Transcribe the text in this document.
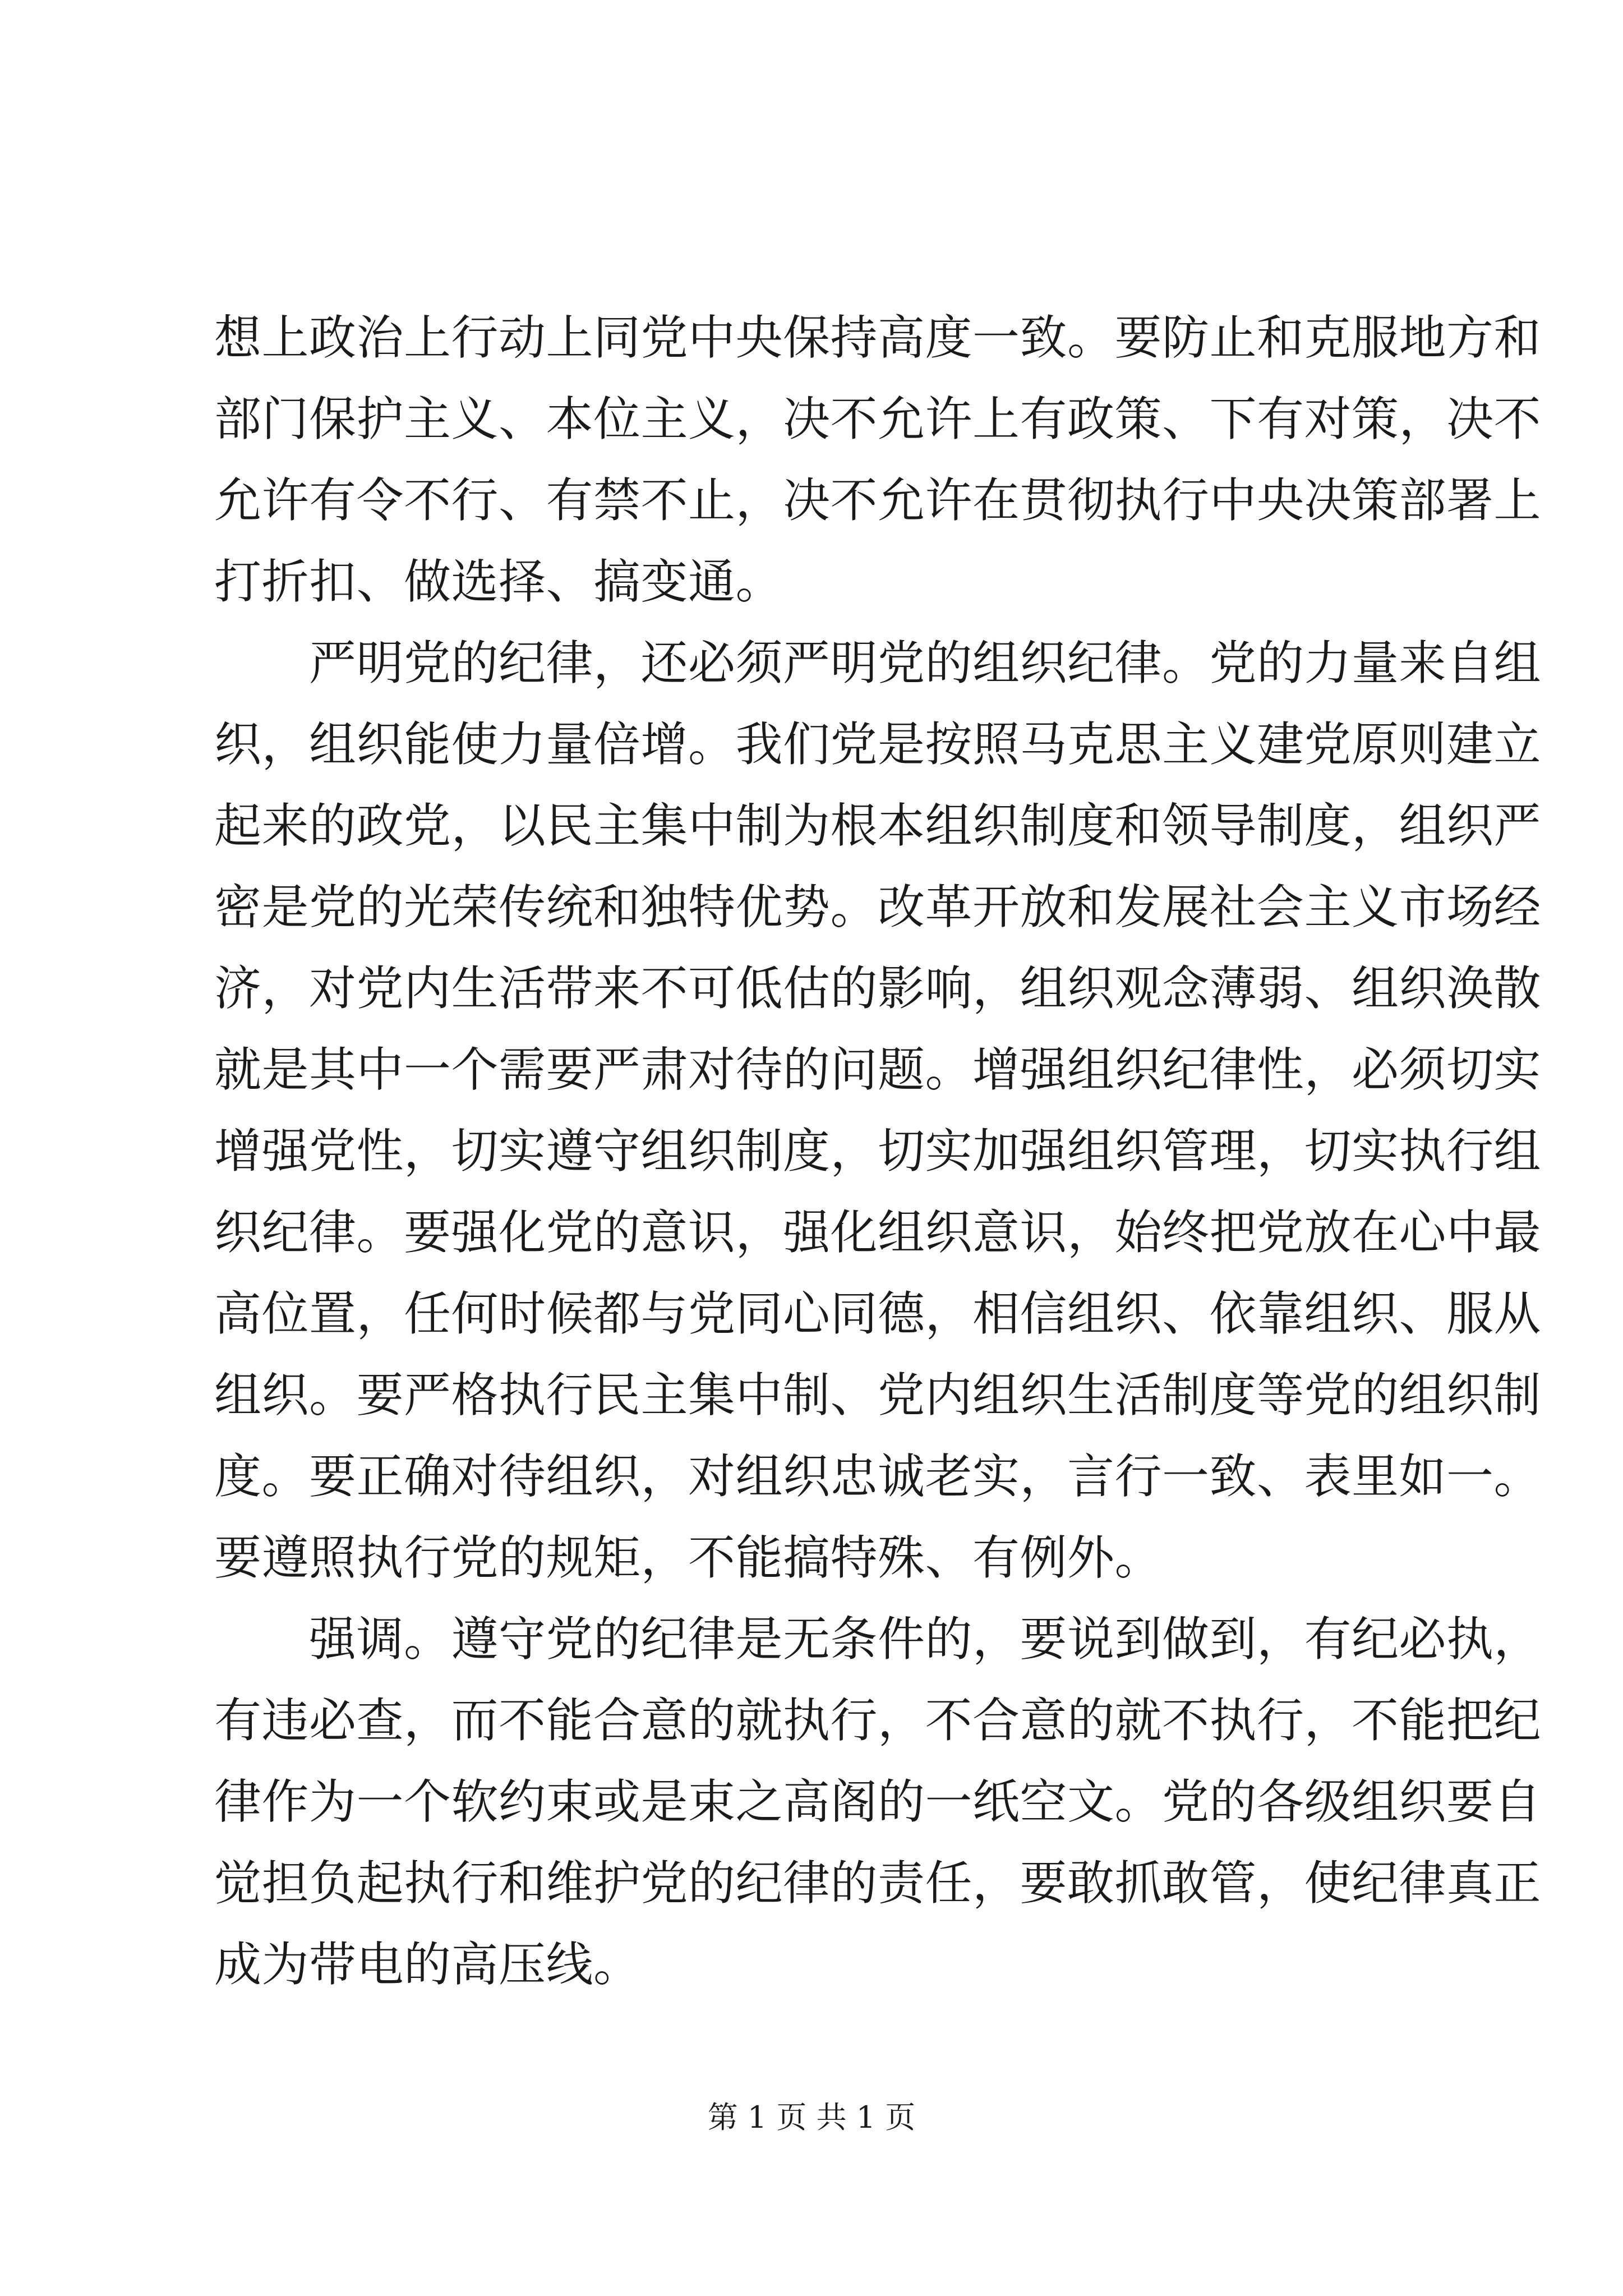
想上政治上行动上同党中央保持高度一致。要防止和克服地方和
部门保护主义、本位主义，决不允许上有政策、下有对策，决不
允许有令不行、有禁不止，决不允许在贯彻执行中央决策部署上
打折扣、做选择、搞变通。
　　严明党的纪律，还必须严明党的组织纪律。党的力量来自组
织，组织能使力量倍增。我们党是按照马克思主义建党原则建立
起来的政党，以民主集中制为根本组织制度和领导制度，组织严
密是党的光荣传统和独特优势。改革开放和发展社会主义市场经
济，对党内生活带来不可低估的影响，组织观念薄弱、组织涣散
就是其中一个需要严肃对待的问题。增强组织纪律性，必须切实
增强党性，切实遵守组织制度，切实加强组织管理，切实执行组
织纪律。要强化党的意识，强化组织意识，始终把党放在心中最
高位置，任何时候都与党同心同德，相信组织、依靠组织、服从
组织。要严格执行民主集中制、党内组织生活制度等党的组织制
度。要正确对待组织，对组织忠诚老实，言行一致、表里如一。
要遵照执行党的规矩，不能搞特殊、有例外。
　　强调。遵守党的纪律是无条件的，要说到做到，有纪必执，
有违必查，而不能合意的就执行，不合意的就不执行，不能把纪
律作为一个软约束或是束之高阁的一纸空文。党的各级组织要自
觉担负起执行和维护党的纪律的责任，要敢抓敢管，使纪律真正
成为带电的高压线。
第 1 页 共 1 页
